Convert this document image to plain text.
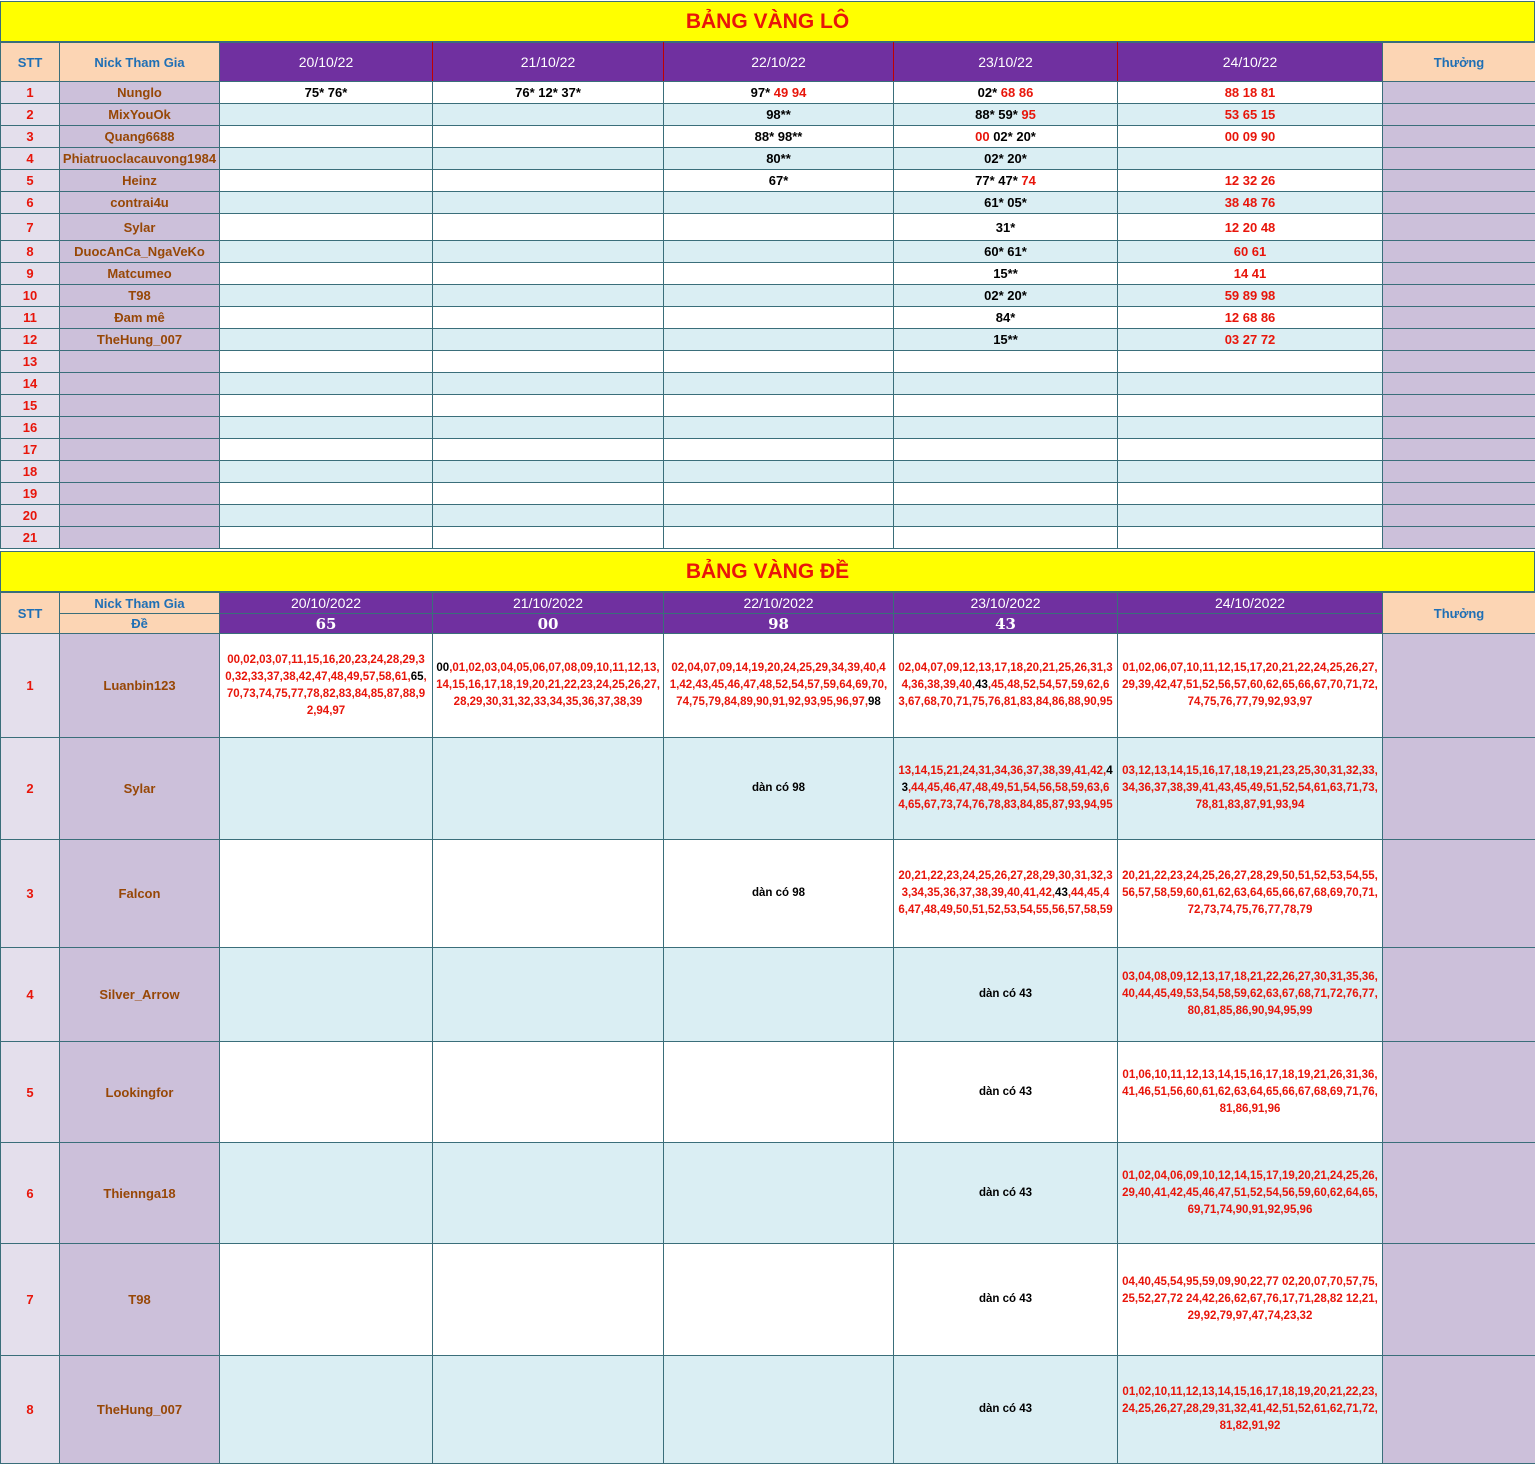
BẢNG VÀNG LÔ
STT	Nick Tham Gia	20/10/22	21/10/22	22/10/22	23/10/22	24/10/22	Thưởng
1	Nunglo	75* 76*	76* 12* 37*	97* 49 94	02* 68 86	88 18 81	

2	MixYouOk			98**	88* 59* 95	53 65 15	

3	Quang6688			88* 98**	00 02* 20*	00 09 90	

4	Phiatruoclacauvong1984			80**	02* 20*		

5	Heinz			67*	77* 47* 74	12 32 26	

6	contrai4u				61* 05*	38 48 76	

7	Sylar				31*	12 20 48	

8	DuocAnCa_NgaVeKo				60* 61*	60 61	

9	Matcumeo				15**	14 41	

10	T98				02* 20*	59 89 98	

11	Đam mê				84*	12 68 86	

12	TheHung_007				15**	03 27 72	

13		

14		

15		

16		

17		

18		

19		

20		

21		

BẢNG VÀNG ĐỀ
STT	Nick Tham Gia	20/10/2022	21/10/2022	22/10/2022	23/10/2022	24/10/2022	Thưởng
	Đề	65	00	98	43		
1	Luanbin123	00,02,03,07,11,15,16,20,23,24,28,29,30,32,33,37,38,42,47,48,49,57,58,61,65,70,73,74,75,77,78,82,83,84,85,87,88,92,94,97	00,01,02,03,04,05,06,07,08,09,10,11,12,13,14,15,16,17,18,19,20,21,22,23,24,25,26,27,28,29,30,31,32,33,34,35,36,37,38,39	02,04,07,09,14,19,20,24,25,29,34,39,40,41,42,43,45,46,47,48,52,54,57,59,64,69,70,74,75,79,84,89,90,91,92,93,95,96,97,98	02,04,07,09,12,13,17,18,20,21,25,26,31,34,36,38,39,40,43,45,48,52,54,57,59,62,63,67,68,70,71,75,76,81,83,84,86,88,90,95	01,02,06,07,10,11,12,15,17,20,21,22,24,25,26,27,29,39,42,47,51,52,56,57,60,62,65,66,67,70,71,72,74,75,76,77,79,92,93,97	

2	Sylar			dàn có 98	13,14,15,21,24,31,34,36,37,38,39,41,42,43,44,45,46,47,48,49,51,54,56,58,59,63,64,65,67,73,74,76,78,83,84,85,87,93,94,95	03,12,13,14,15,16,17,18,19,21,23,25,30,31,32,33,34,36,37,38,39,41,43,45,49,51,52,54,61,63,71,73,78,81,83,87,91,93,94	

3	Falcon			dàn có 98	20,21,22,23,24,25,26,27,28,29,30,31,32,33,34,35,36,37,38,39,40,41,42,43,44,45,46,47,48,49,50,51,52,53,54,55,56,57,58,59	20,21,22,23,24,25,26,27,28,29,50,51,52,53,54,55,56,57,58,59,60,61,62,63,64,65,66,67,68,69,70,71,72,73,74,75,76,77,78,79	

4	Silver_Arrow				dàn có 43	03,04,08,09,12,13,17,18,21,22,26,27,30,31,35,36,40,44,45,49,53,54,58,59,62,63,67,68,71,72,76,77,80,81,85,86,90,94,95,99	

5	Lookingfor				dàn có 43	01,06,10,11,12,13,14,15,16,17,18,19,21,26,31,36,41,46,51,56,60,61,62,63,64,65,66,67,68,69,71,76,81,86,91,96	

6	Thiennga18				dàn có 43	01,02,04,06,09,10,12,14,15,17,19,20,21,24,25,26,29,40,41,42,45,46,47,51,52,54,56,59,60,62,64,65,69,71,74,90,91,92,95,96	

7	T98				dàn có 43	04,40,45,54,95,59,09,90,22,77 02,20,07,70,57,75,25,52,27,72 24,42,26,62,67,76,17,71,28,82 12,21,29,92,79,97,47,74,23,32	

8	TheHung_007				dàn có 43	01,02,10,11,12,13,14,15,16,17,18,19,20,21,22,23,24,25,26,27,28,29,31,32,41,42,51,52,61,62,71,72,81,82,91,92	
